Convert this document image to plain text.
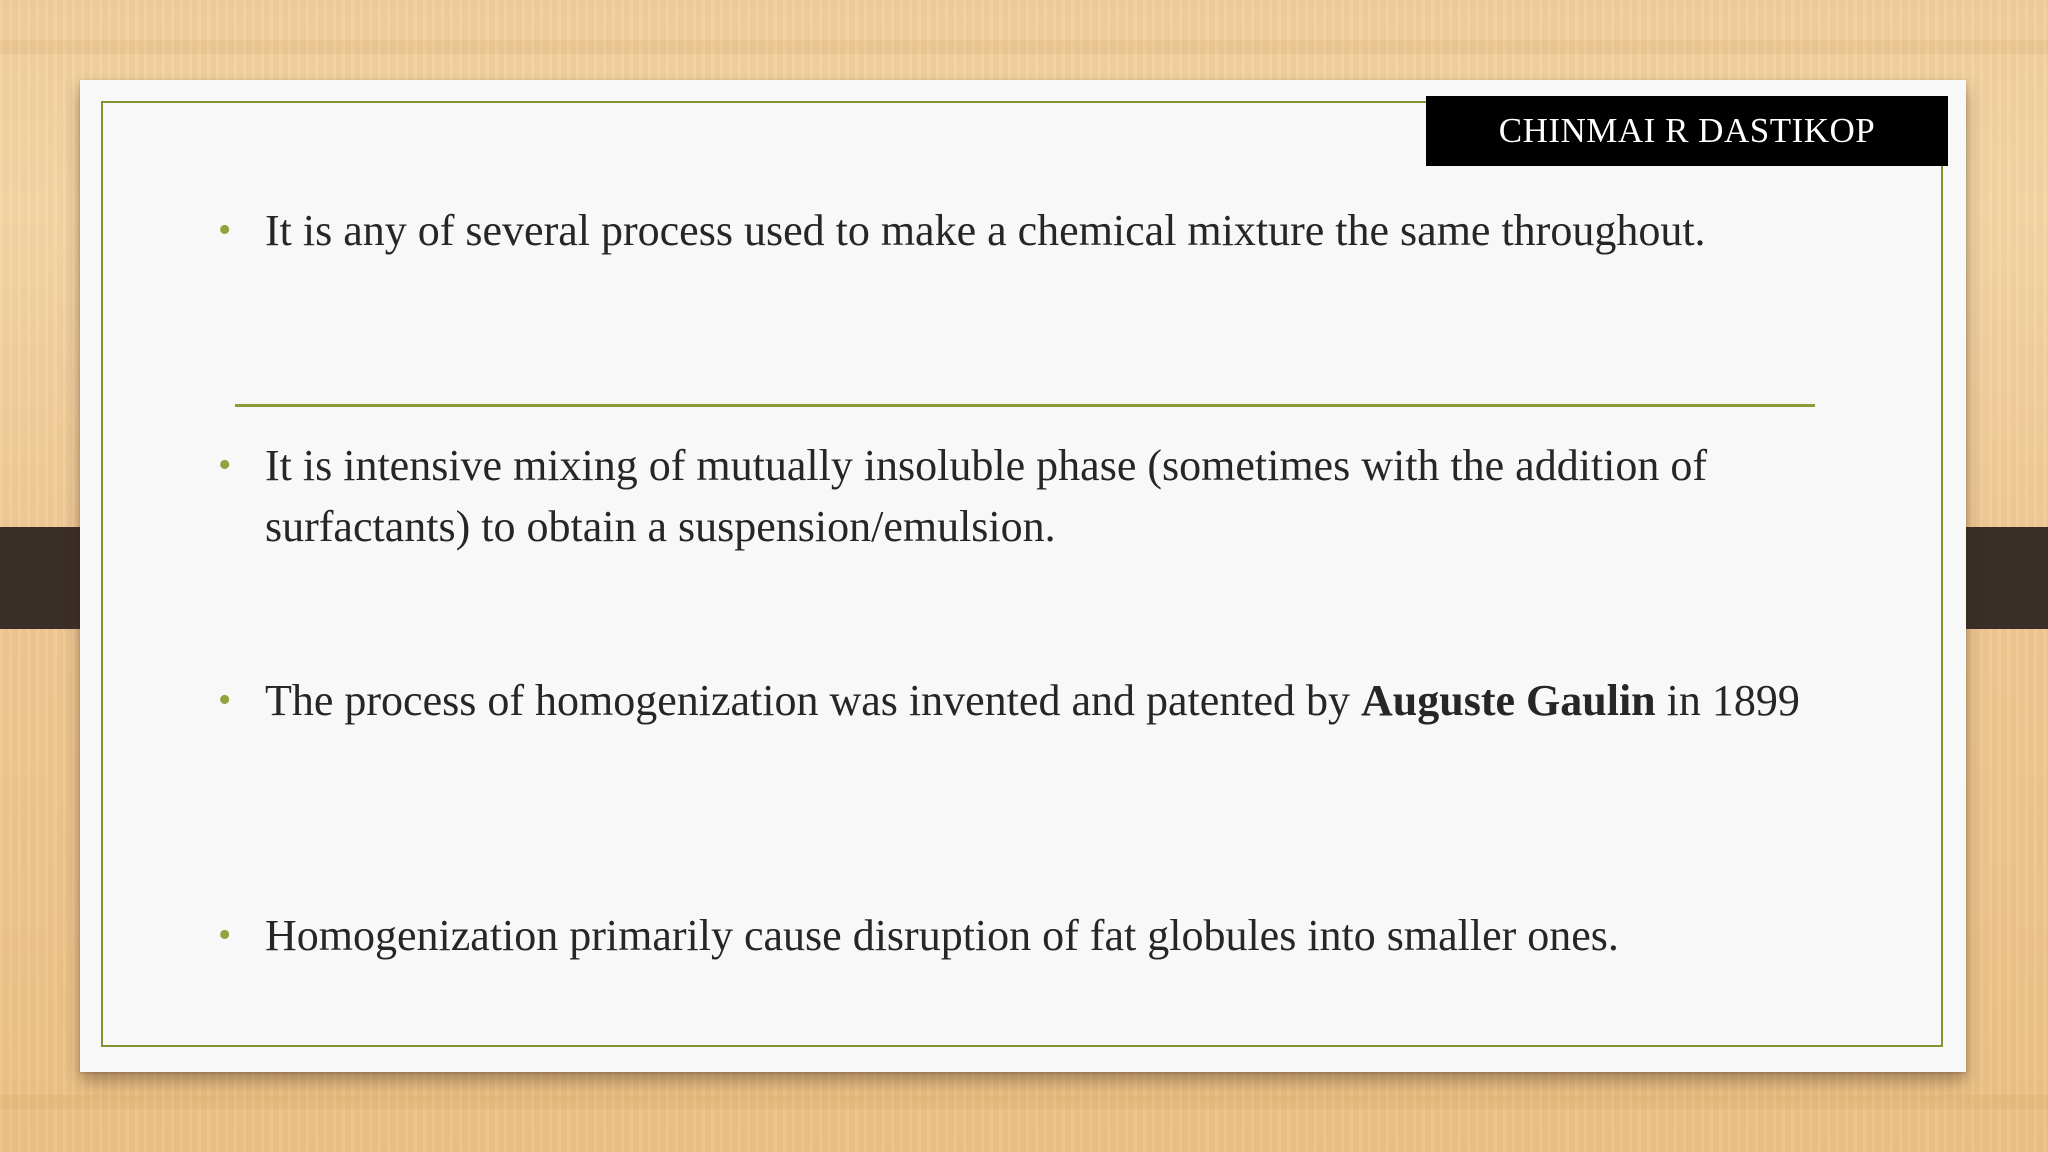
CHINMAI R DASTIKOP
• It is any of several process used to make a chemical mixture the same throughout.
• It is intensive mixing of mutually insoluble phase (sometimes with the addition of surfactants) to obtain a suspension/emulsion.
• The process of homogenization was invented and patented by Auguste Gaulin in 1899
• Homogenization primarily cause disruption of fat globules into smaller ones.
